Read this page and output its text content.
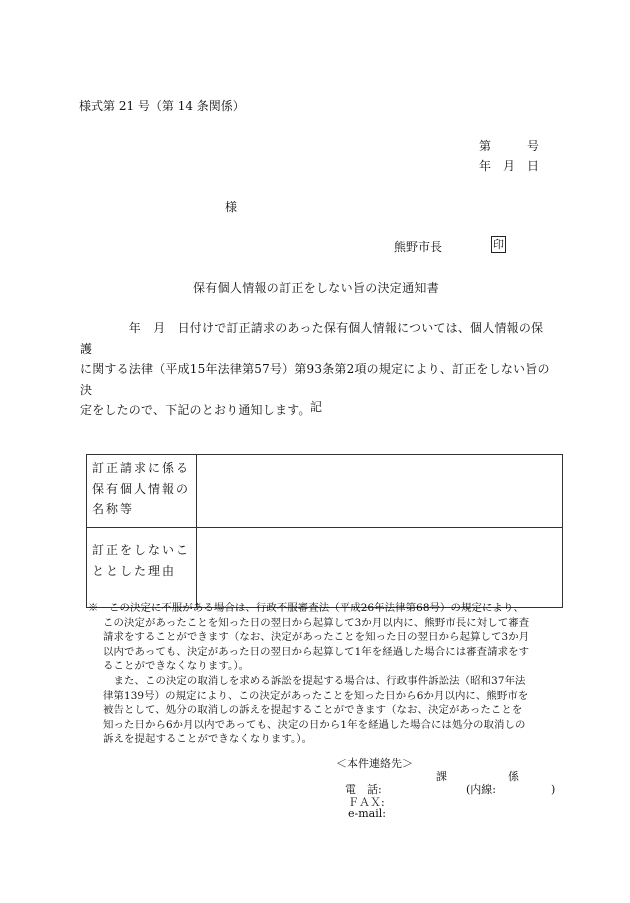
様式第 21 号（第 14 条関係）
第　　　号
年　月　日
様
熊野市長	印
保有個人情報の訂正をしない旨の決定通知書
　　　　年　月　日付けで訂正請求のあった保有個人情報については、個人情報の保護
に関する法律（平成15年法律第57号）第93条第2項の規定により、訂正をしない旨の決
定をしたので、下記のとおり通知します。 記
訂正請求に係る保有個人情報の名称等	
訂正をしないこととした理由	
※　この決定に不服がある場合は、行政不服審査法（平成26年法律第68号）の規定により、
この決定があったことを知った日の翌日から起算して3か月以内に、熊野市長に対して審査
請求をすることができます（なお、決定があったことを知った日の翌日から起算して3か月
以内であっても、決定があった日の翌日から起算して1年を経過した場合には審査請求をす
ることができなくなります。）。
　また、この決定の取消しを求める訴訟を提起する場合は、行政事件訴訟法（昭和37年法
律第139号）の規定により、この決定があったことを知った日から6か月以内に、熊野市を
被告として、処分の取消しの訴えを提起することができます（なお、決定があったことを
知った日から6か月以内であっても、決定の日から1年を経過した場合には処分の取消しの
訴えを提起することができなくなります。）。
＜本件連絡先＞
課	係
電　話:	(内線:　　　　　)
ＦＡＸ:
e-mail:
